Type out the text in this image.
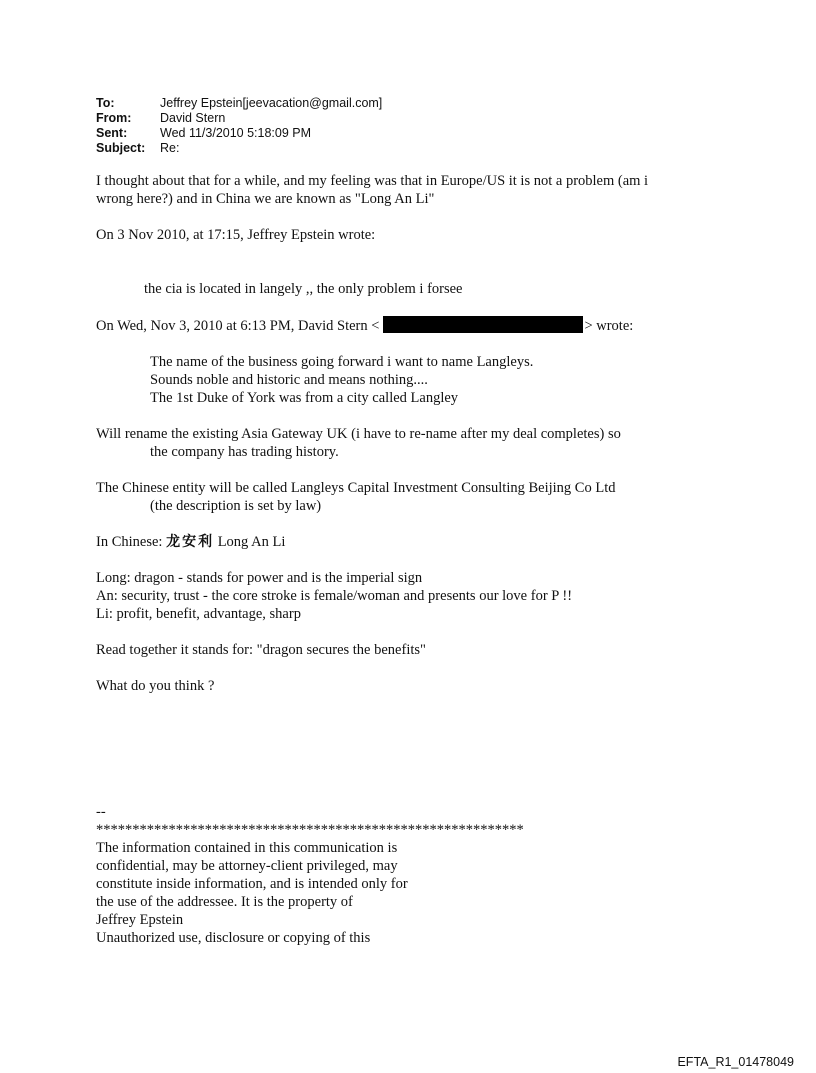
To:	Jeffrey Epstein[jeevacation@gmail.com]
From:	David Stern
Sent:	Wed 11/3/2010 5:18:09 PM
Subject:	Re:

I thought about that for a while, and my feeling was that in Europe/US it is not a problem (am i

wrong here?) and in China we are known as "Long An Li"

On 3 Nov 2010, at 17:15, Jeffrey Epstein wrote:

the cia is located in langely ,, the only problem i forsee

On Wed, Nov 3, 2010 at 6:13 PM, David Stern <	> wrote:

The name of the business going forward i want to name Langleys.

Sounds noble and historic and means nothing....

The 1st Duke of York was from a city called Langley

Will rename the existing Asia Gateway UK (i have to re-name after my deal completes) so

the company has trading history.

The Chinese entity will be called Langleys Capital Investment Consulting Beijing Co Ltd

(the description is set by law)

In Chinese: 龙安利 Long An Li

Long: dragon - stands for power and is the imperial sign

An: security, trust - the core stroke is female/woman and presents our love for P !!

Li: profit, benefit, advantage, sharp

Read together it stands for: "dragon secures the benefits"

What do you think ?

--

***********************************************************

The information contained in this communication is

confidential, may be attorney-client privileged, may

constitute inside information, and is intended only for

the use of the addressee. It is the property of

Jeffrey Epstein

Unauthorized use, disclosure or copying of this

EFTA_R1_01478049
